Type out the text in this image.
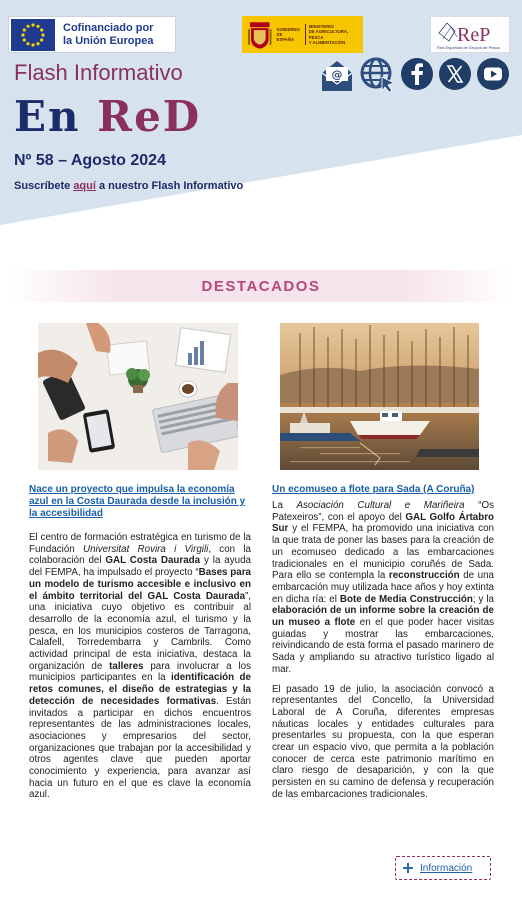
Cofinanciado por
la Unión Europea
GOBIERNO
DE ESPAÑA
MINISTERIO
DE AGRICULTURA, PESCA
Y ALIMENTACIÓN	ReP
Red Española de Grupos de Pesca
@
Flash Informativo
En ReD
Nº 58 – Agosto 2024
Suscríbete aquí a nuestro Flash Informativo
DESTACADOS
Nace un proyecto que impulsa la economía azul en la Costa Daurada desde la inclusión y la accesibilidad
El centro de formación estratégica en turismo de la Fundación Universitat Rovira i Virgili, con la colaboración del GAL Costa Daurada y la ayuda del FEMPA, ha impulsado el proyecto “Bases para un modelo de turismo accesible e inclusivo en el ámbito territorial del GAL Costa Daurada”, una iniciativa cuyo objetivo es contribuir al desarrollo de la economía azul, el turismo y la pesca, en los municipios costeros de Tarragona, Calafell, Torredembarra y Cambrils. Como actividad principal de esta iniciativa, destaca la organización de talleres para involucrar a los municipios participantes en la identificación de retos comunes, el diseño de estrategias y la detección de necesidades formativas. Están invitados a participar en dichos encuentros representantes de las administraciones locales, asociaciones y empresarios del sector, organizaciones que trabajan por la accesibilidad y otros agentes clave que pueden aportar conocimiento y experiencia, para avanzar así hacia un futuro en el que es clave la economía azul.
Un ecomuseo a flote para Sada (A Coruña)

La Asociación Cultural e Mariñeira “Os Patexeiros”, con el apoyo del GAL Golfo Ártabro Sur y el FEMPA, ha promovido una iniciativa con la que trata de poner las bases para la creación de un ecomuseo dedicado a las embarcaciones tradicionales en el municipio coruñés de Sada. Para ello se contempla la reconstrucción de una embarcación muy utilizada hace años y hoy extinta en dicha ría: el Bote de Media Construcción; y la elaboración de un informe sobre la creación de un museo a flote en el que poder hacer visitas guiadas y mostrar las embarcaciones, reivindicando de esta forma el pasado marinero de Sada y ampliando su atractivo turístico ligado al mar.

El pasado 19 de julio, la asociación convocó a representantes del Concello, la Universidad Laboral de A Coruña, diferentes empresas náuticas locales y entidades culturales para presentarles su propuesta, con la que esperan crear un espacio vivo, que permita a la población conocer de cerca este patrimonio marítimo en claro riesgo de desaparición, y con la que persisten en su camino de defensa y recuperación de las embarcaciones tradicionales.

Información
